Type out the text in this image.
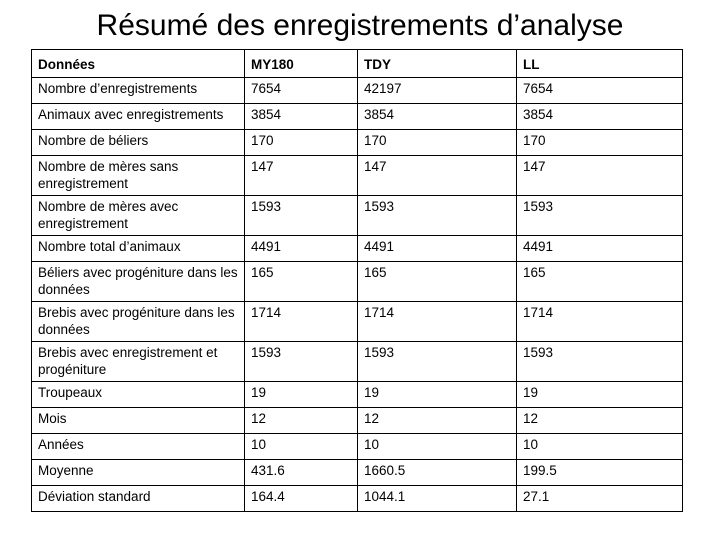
Résumé des enregistrements d’analyse
Données	MY180	TDY	LL
Nombre d’enregistrements	7654	42197	7654
Animaux avec enregistrements	3854	3854	3854
Nombre de béliers	170	170	170
Nombre de mères sans enregistrement	147	147	147
Nombre de mères avec enregistrement	1593	1593	1593
Nombre total d’animaux	4491	4491	4491
Béliers avec progéniture dans les données	165	165	165
Brebis avec progéniture dans les données	1714	1714	1714
Brebis avec enregistrement et progéniture	1593	1593	1593
Troupeaux	19	19	19
Mois	12	12	12
Années	10	10	10
Moyenne	431.6	1660.5	199.5
Déviation standard	164.4	1044.1	27.1
